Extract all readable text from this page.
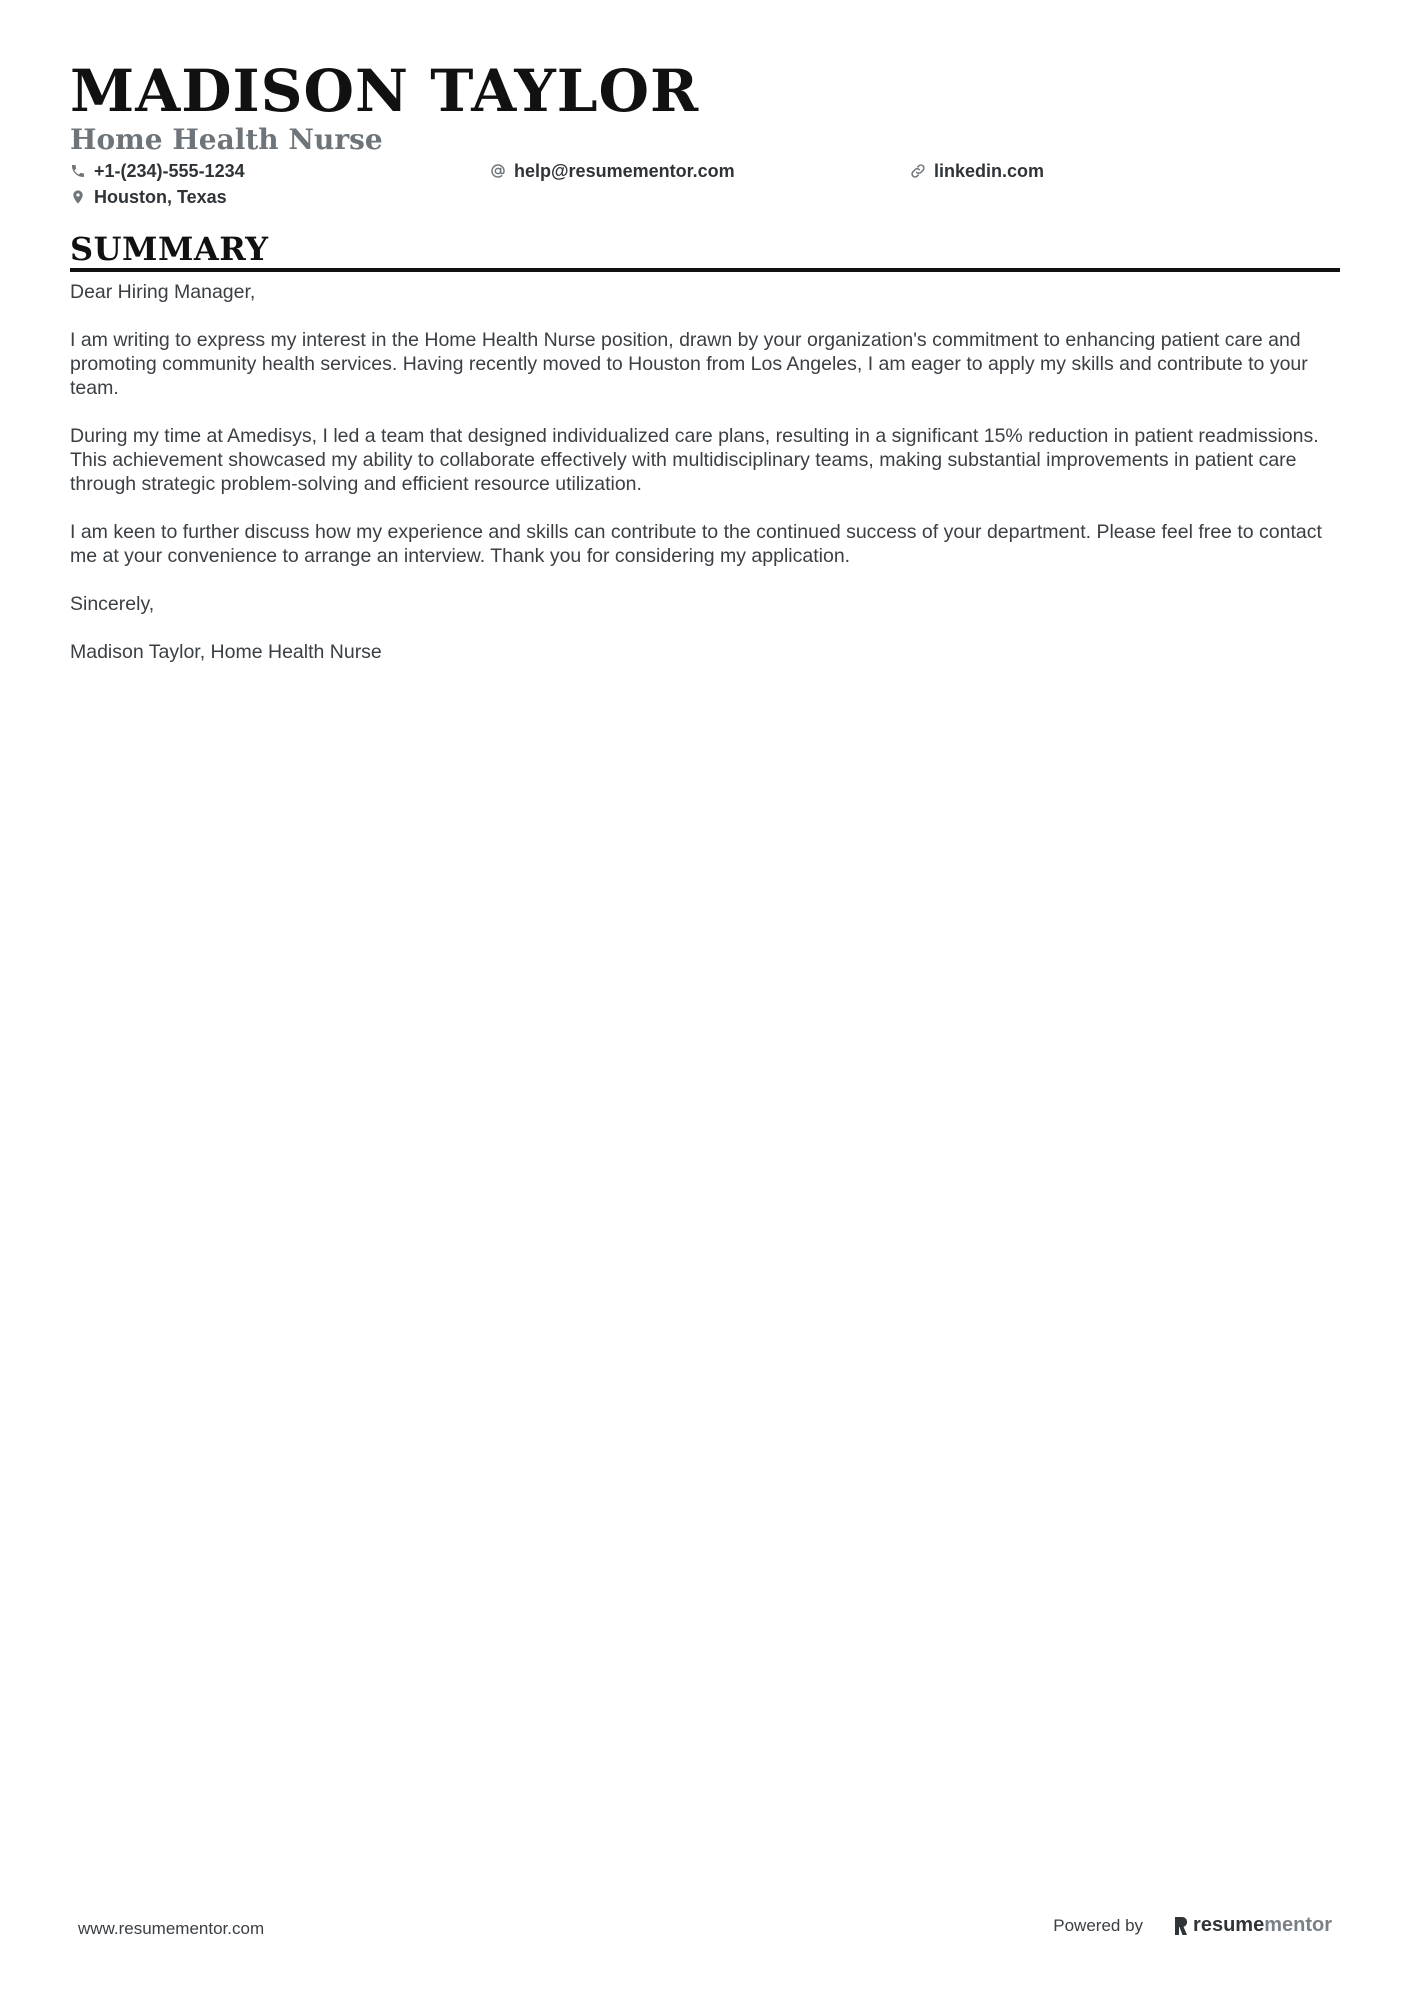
MADISON TAYLOR
Home Health Nurse
+1-(234)-555-1234	help@resumementor.com	linkedin.com
Houston, Texas
SUMMARY

Dear Hiring Manager,

I am writing to express my interest in the Home Health Nurse position, drawn by your organization's commitment to enhancing patient care and promoting community health services. Having recently moved to Houston from Los Angeles, I am eager to apply my skills and contribute to your team.

During my time at Amedisys, I led a team that designed individualized care plans, resulting in a significant 15% reduction in patient readmissions. This achievement showcased my ability to collaborate effectively with multidisciplinary teams, making substantial improvements in patient care through strategic problem-solving and efficient resource utilization.

I am keen to further discuss how my experience and skills can contribute to the continued success of your department. Please feel free to contact me at your convenience to arrange an interview. Thank you for considering my application.

Sincerely,

Madison Taylor, Home Health Nurse

www.resumementor.com	Powered by	resume mentor
